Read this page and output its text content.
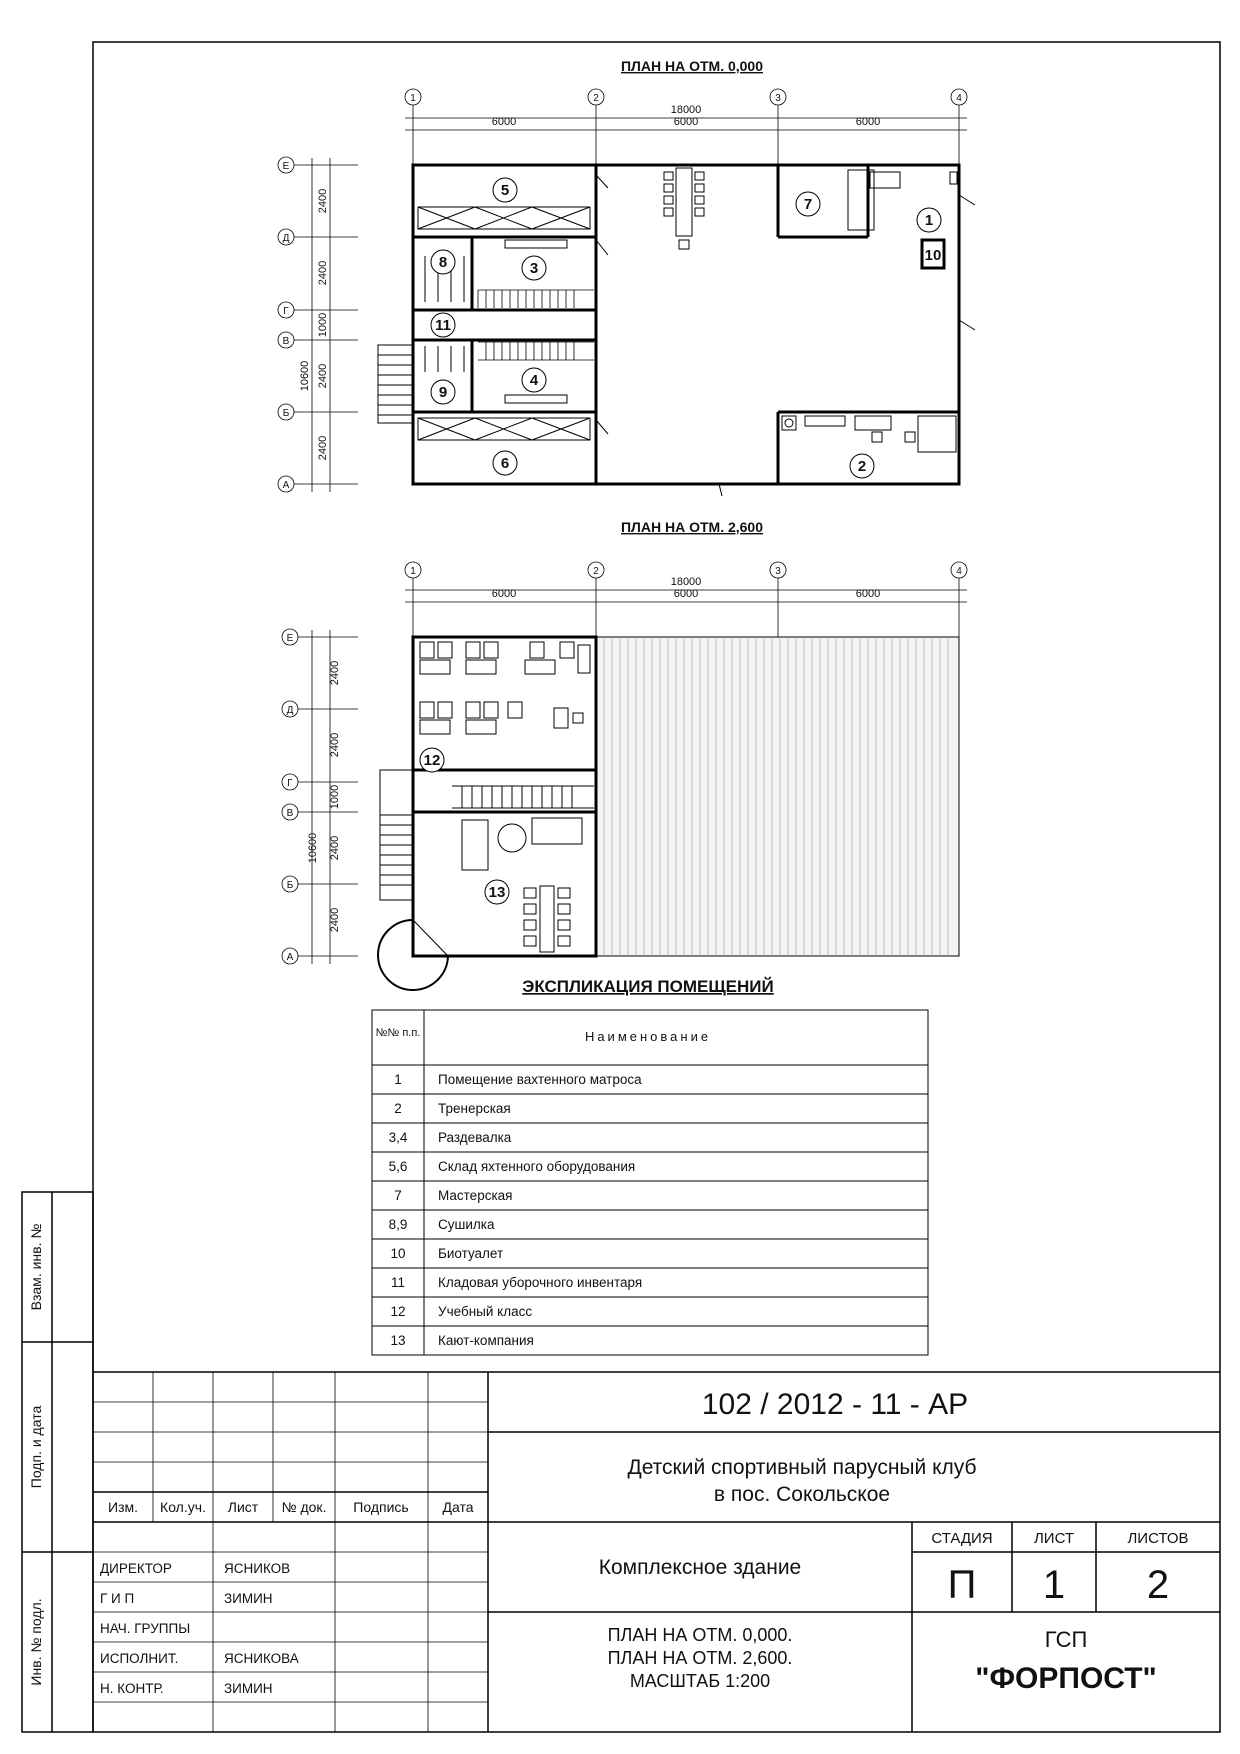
ПЛАН НА ОТМ. 0,000
1	2	3	4
18000
6000	6000	6000
Е
Д
Г
В
Б
А
2400
2400
1000
2400
2400
10600
5
7
1
10
8	3
11
9
4
6	2
ПЛАН НА ОТМ. 2,600
1	2	3	4
18000
6000	6000	6000
Е
Д
Г
В
Б
А
2400
2400
1000
2400
2400
10600
12
13
ЭКСПЛИКАЦИЯ ПОМЕЩЕНИЙ
№№ п.п.	Наименование
1	Помещение вахтенного матроса
2	Тренерская
3,4 Раздевалка
5,6 Склад яхтенного оборудования
7	Мастерская
8,9 Сушилка
10 Биотуалет
11 Кладовая уборочного инвентаря
12 Учебный класс
13 Кают-компания
Взам. инв. №
Подп. и дата
Инв. № подл.
Изм. Кол.уч. Лист № док. Подпись Дата
ДИРЕКТОР	ЯСНИКОВ
Г И П	ЗИМИН
НАЧ. ГРУППЫ
ИСПОЛНИТ.	ЯСНИКОВА
Н. КОНТР.	ЗИМИН
102 / 2012 - 11 - АР
Детский спортивный парусный клуб
в пос. Сокольское
Комплексное здание
ПЛАН НА ОТМ. 0,000.
ПЛАН НА ОТМ. 2,600.
МАСШТАБ 1:200
СТАДИЯ	ЛИСТ	ЛИСТОВ
П 1 2
ГСП
"ФОРПОСТ"
